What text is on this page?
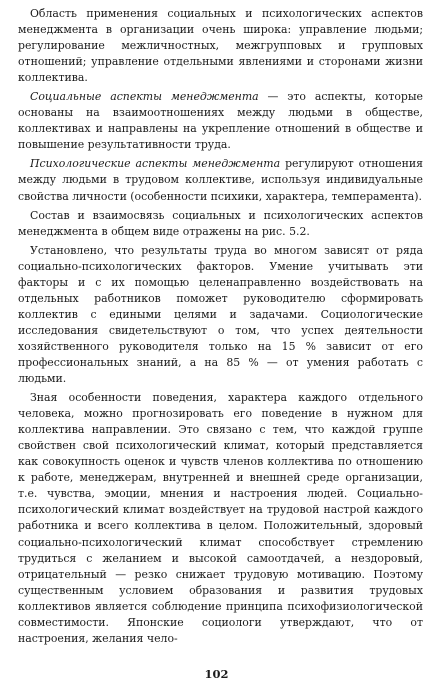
Область применения социальных и психологических аспектов менеджмента в организации очень широка: управление людьми; регулирование межличностных, межгрупповых и групповых отношений; управление отдельными явлениями и сторонами жизни коллектива.

Социальные аспекты менеджмента — это аспекты, которые основаны на взаимоотношениях между людьми в обществе, коллективах и направлены на укрепление отношений в обществе и повышение результативности труда.

Психологические аспекты менеджмента регулируют отношения между людьми в трудовом коллективе, используя индивидуальные свойства личности (особенности психики, характера, темперамента).

Состав и взаимосвязь социальных и психологических аспектов менеджмента в общем виде отражены на рис. 5.2.

Установлено, что результаты труда во многом зависят от ряда социально-психологических факторов. Умение учитывать эти факторы и с их помощью целенаправленно воздействовать на отдельных работников поможет руководителю сформировать коллектив с едиными целями и задачами. Социологические исследования свидетельствуют о том, что успех деятельности хозяйственного руководителя только на 15 % зависит от его профессиональных знаний, а на 85 % — от умения работать с людьми.

Зная особенности поведения, характера каждого отдельного человека, можно прогнозировать его поведение в нужном для коллектива направлении. Это связано с тем, что каждой группе свойствен свой психологический климат, который представляется как совокупность оценок и чувств членов коллектива по отношению к работе, менеджерам, внутренней и внешней среде организации, т.е. чувства, эмоции, мнения и настроения людей. Социально-психологический климат воздействует на трудовой настрой каждого работника и всего коллектива в целом. Положительный, здоровый социально-психологический климат способствует стремлению трудиться с желанием и высокой самоотдачей, а нездоровый, отрицательный — резко снижает трудовую мотивацию. Поэтому существенным условием образования и развития трудовых коллективов является соблюдение принципа психофизиологической совместимости. Японские социологи утверждают, что от настроения, желания чело-

102
